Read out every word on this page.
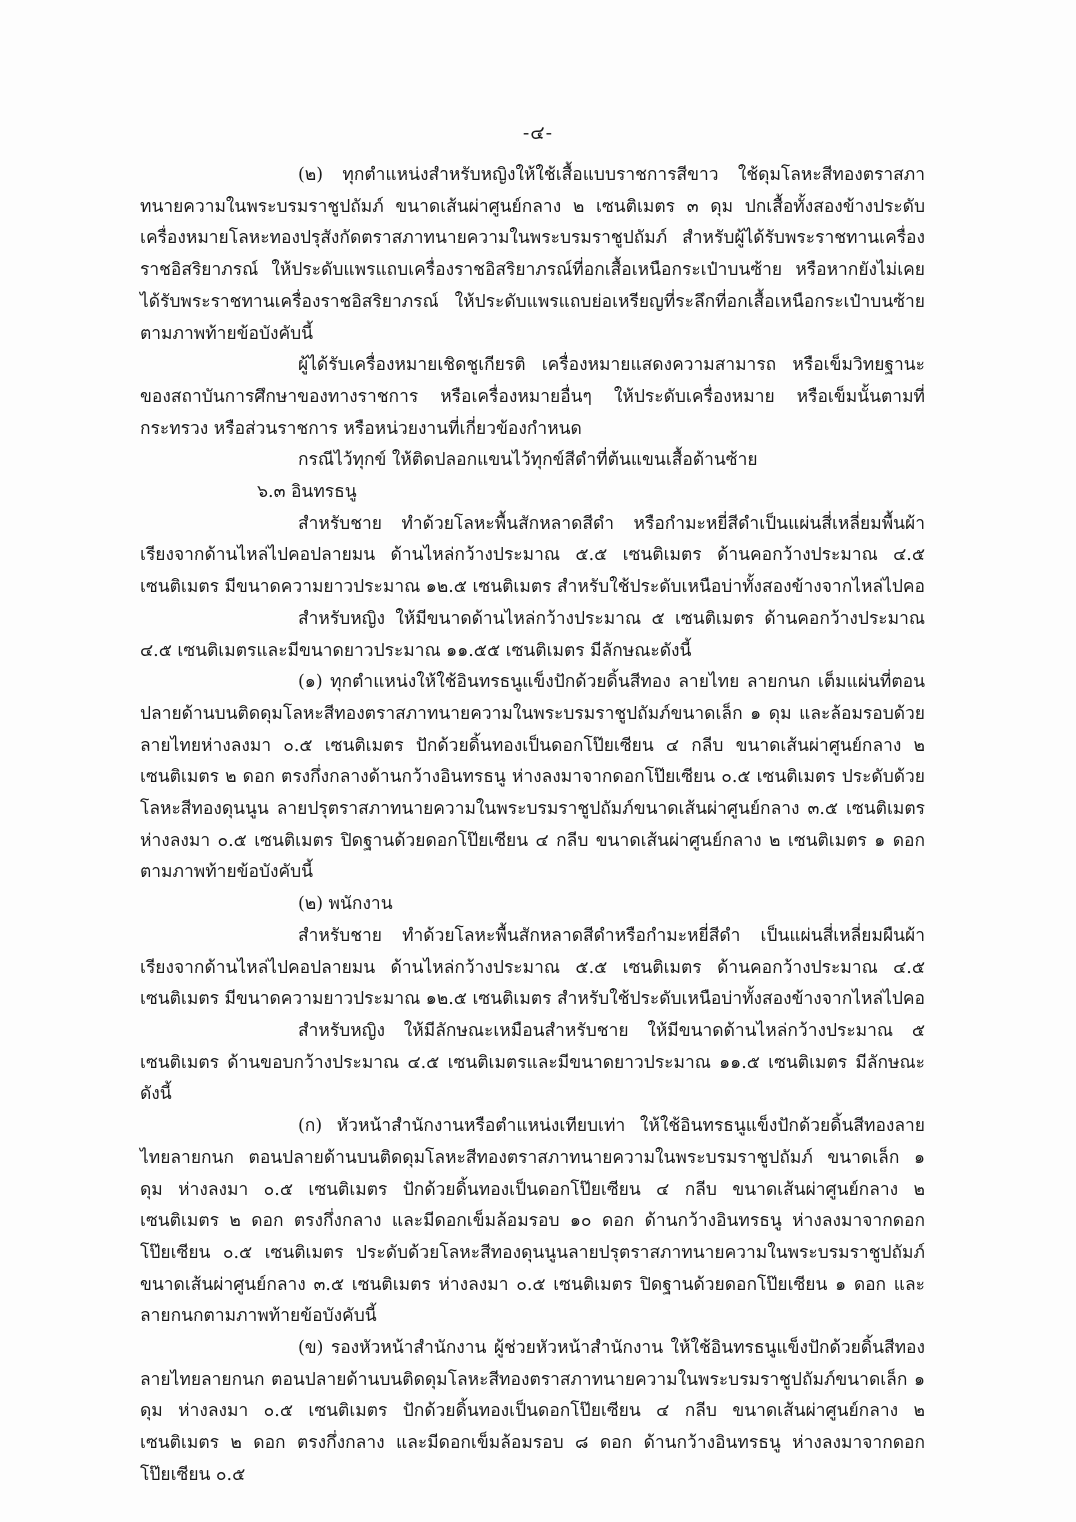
-๔-

(๒) ทุกตำแหน่งสำหรับหญิงให้ใช้เสื้อแบบราชการสีขาว ใช้ดุมโลหะสีทองตราสภาทนายความในพระบรมราชูปถัมภ์ ขนาดเส้นผ่าศูนย์กลาง ๒ เซนติเมตร ๓ ดุม ปกเสื้อทั้งสองข้างประดับเครื่องหมายโลหะทองปรุสังกัดตราสภาทนายความในพระบรมราชูปถัมภ์ สำหรับผู้ได้รับพระราชทานเครื่องราชอิสริยาภรณ์ ให้ประดับแพรแถบเครื่องราชอิสริยาภรณ์ที่อกเสื้อเหนือกระเป๋าบนซ้าย หรือหากยังไม่เคยได้รับพระราชทานเครื่องราชอิสริยาภรณ์ ให้ประดับแพรแถบย่อเหรียญที่ระลึกที่อกเสื้อเหนือกระเป๋าบนซ้าย ตามภาพท้ายข้อบังคับนี้

ผู้ได้รับเครื่องหมายเชิดชูเกียรติ เครื่องหมายแสดงความสามารถ หรือเข็มวิทยฐานะของสถาบันการศึกษาของทางราชการ หรือเครื่องหมายอื่นๆ ให้ประดับเครื่องหมาย หรือเข็มนั้นตามที่กระทรวง หรือส่วนราชการ หรือหน่วยงานที่เกี่ยวข้องกำหนด

กรณีไว้ทุกข์ ให้ติดปลอกแขนไว้ทุกข์สีดำที่ต้นแขนเสื้อด้านซ้าย

๖.๓ อินทรธนู

สำหรับชาย ทำด้วยโลหะพื้นสักหลาดสีดำ หรือกำมะหยี่สีดำเป็นแผ่นสี่เหลี่ยมพื้นผ้าเรียงจากด้านไหล่ไปคอปลายมน ด้านไหล่กว้างประมาณ ๕.๕ เซนติเมตร ด้านคอกว้างประมาณ ๔.๕ เซนติเมตร มีขนาดความยาวประมาณ ๑๒.๕ เซนติเมตร สำหรับใช้ประดับเหนือบ่าทั้งสองข้างจากไหล่ไปคอ

สำหรับหญิง ให้มีขนาดด้านไหล่กว้างประมาณ ๕ เซนติเมตร ด้านคอกว้างประมาณ ๔.๕ เซนติเมตรและมีขนาดยาวประมาณ ๑๑.๕๕ เซนติเมตร มีลักษณะดังนี้

(๑) ทุกตำแหน่งให้ใช้อินทรธนูแข็งปักด้วยดิ้นสีทอง ลายไทย ลายกนก เต็มแผ่นที่ตอนปลายด้านบนติดดุมโลหะสีทองตราสภาทนายความในพระบรมราชูปถัมภ์ขนาดเล็ก ๑ ดุม และล้อมรอบด้วยลายไทยห่างลงมา ๐.๕ เซนติเมตร ปักด้วยดิ้นทองเป็นดอกโป๊ยเซียน ๔ กลีบ ขนาดเส้นผ่าศูนย์กลาง ๒ เซนติเมตร ๒ ดอก ตรงกึ่งกลางด้านกว้างอินทรธนู ห่างลงมาจากดอกโป๊ยเซียน ๐.๕ เซนติเมตร ประดับด้วยโลหะสีทองดุนนูน ลายปรุตราสภาทนายความในพระบรมราชูปถัมภ์ขนาดเส้นผ่าศูนย์กลาง ๓.๕ เซนติเมตร ห่างลงมา ๐.๕ เซนติเมตร ปิดฐานด้วยดอกโป๊ยเซียน ๔ กลีบ ขนาดเส้นผ่าศูนย์กลาง ๒ เซนติเมตร ๑ ดอก ตามภาพท้ายข้อบังคับนี้

(๒) พนักงาน

สำหรับชาย ทำด้วยโลหะพื้นสักหลาดสีดำหรือกำมะหยี่สีดำ เป็นแผ่นสี่เหลี่ยมผืนผ้าเรียงจากด้านไหล่ไปคอปลายมน ด้านไหล่กว้างประมาณ ๕.๕ เซนติเมตร ด้านคอกว้างประมาณ ๔.๕ เซนติเมตร มีขนาดความยาวประมาณ ๑๒.๕ เซนติเมตร สำหรับใช้ประดับเหนือบ่าทั้งสองข้างจากไหล่ไปคอ

สำหรับหญิง ให้มีลักษณะเหมือนสำหรับชาย ให้มีขนาดด้านไหล่กว้างประมาณ ๕ เซนติเมตร ด้านขอบกว้างประมาณ ๔.๕ เซนติเมตรและมีขนาดยาวประมาณ ๑๑.๕ เซนติเมตร มีลักษณะ ดังนี้

(ก) หัวหน้าสำนักงานหรือตำแหน่งเทียบเท่า ให้ใช้อินทรธนูแข็งปักด้วยดิ้นสีทองลายไทยลายกนก ตอนปลายด้านบนติดดุมโลหะสีทองตราสภาทนายความในพระบรมราชูปถัมภ์ ขนาดเล็ก ๑ ดุม ห่างลงมา ๐.๕ เซนติเมตร ปักด้วยดิ้นทองเป็นดอกโป๊ยเซียน ๔ กลีบ ขนาดเส้นผ่าศูนย์กลาง ๒ เซนติเมตร ๒ ดอก ตรงกึ่งกลาง และมีดอกเข็มล้อมรอบ ๑๐ ดอก ด้านกว้างอินทรธนู ห่างลงมาจากดอกโป๊ยเซียน ๐.๕ เซนติเมตร ประดับด้วยโลหะสีทองดุนนูนลายปรุตราสภาทนายความในพระบรมราชูปถัมภ์ ขนาดเส้นผ่าศูนย์กลาง ๓.๕ เซนติเมตร ห่างลงมา ๐.๕ เซนติเมตร ปิดฐานด้วยดอกโป๊ยเซียน ๑ ดอก และลายกนกตามภาพท้ายข้อบังคับนี้

(ข) รองหัวหน้าสำนักงาน ผู้ช่วยหัวหน้าสำนักงาน ให้ใช้อินทรธนูแข็งปักด้วยดิ้นสีทองลายไทยลายกนก ตอนปลายด้านบนติดดุมโลหะสีทองตราสภาทนายความในพระบรมราชูปถัมภ์ขนาดเล็ก ๑ ดุม ห่างลงมา ๐.๕ เซนติเมตร ปักด้วยดิ้นทองเป็นดอกโป๊ยเซียน ๔ กลีบ ขนาดเส้นผ่าศูนย์กลาง ๒ เซนติเมตร ๒ ดอก ตรงกึ่งกลาง และมีดอกเข็มล้อมรอบ ๘ ดอก ด้านกว้างอินทรธนู ห่างลงมาจากดอกโป๊ยเซียน ๐.๕
